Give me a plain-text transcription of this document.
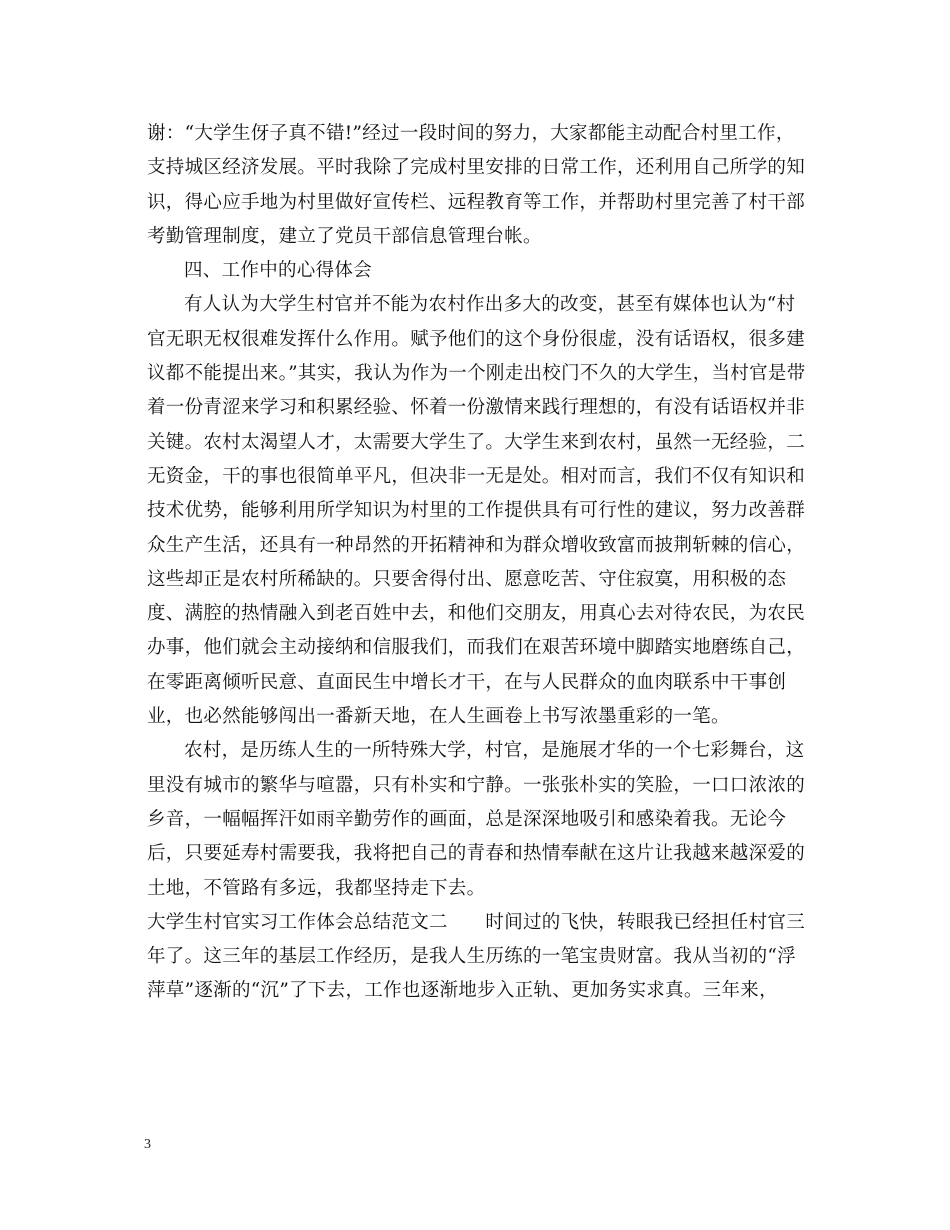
谢：“大学生伢子真不错!”经过一段时间的努力，大家都能主动配合村里工作，支持城区经济发展。平时我除了完成村里安排的日常工作，还利用自己所学的知识，得心应手地为村里做好宣传栏、远程教育等工作，并帮助村里完善了村干部考勤管理制度，建立了党员干部信息管理台帐。

四、工作中的心得体会

有人认为大学生村官并不能为农村作出多大的改变，甚至有媒体也认为“村官无职无权很难发挥什么作用。赋予他们的这个身份很虚，没有话语权，很多建议都不能提出来。”其实，我认为作为一个刚走出校门不久的大学生，当村官是带着一份青涩来学习和积累经验、怀着一份激情来践行理想的，有没有话语权并非关键。农村太渴望人才，太需要大学生了。大学生来到农村，虽然一无经验，二无资金，干的事也很简单平凡，但决非一无是处。相对而言，我们不仅有知识和技术优势，能够利用所学知识为村里的工作提供具有可行性的建议，努力改善群众生产生活，还具有一种昂然的开拓精神和为群众增收致富而披荆斩棘的信心，这些却正是农村所稀缺的。只要舍得付出、愿意吃苦、守住寂寞，用积极的态度、满腔的热情融入到老百姓中去，和他们交朋友，用真心去对待农民，为农民办事，他们就会主动接纳和信服我们，而我们在艰苦环境中脚踏实地磨练自己，在零距离倾听民意、直面民生中增长才干，在与人民群众的血肉联系中干事创业，也必然能够闯出一番新天地，在人生画卷上书写浓墨重彩的一笔。

农村，是历练人生的一所特殊大学，村官，是施展才华的一个七彩舞台，这里没有城市的繁华与喧嚣，只有朴实和宁静。一张张朴实的笑脸，一口口浓浓的乡音，一幅幅挥汗如雨辛勤劳作的画面，总是深深地吸引和感染着我。无论今后，只要延寿村需要我，我将把自己的青春和热情奉献在这片让我越来越深爱的土地，不管路有多远，我都坚持走下去。

大学生村官实习工作体会总结范文二　　时间过的飞快，转眼我已经担任村官三年了。这三年的基层工作经历，是我人生历练的一笔宝贵财富。我从当初的“浮萍草”逐渐的“沉”了下去，工作也逐渐地步入正轨、更加务实求真。三年来，

3
